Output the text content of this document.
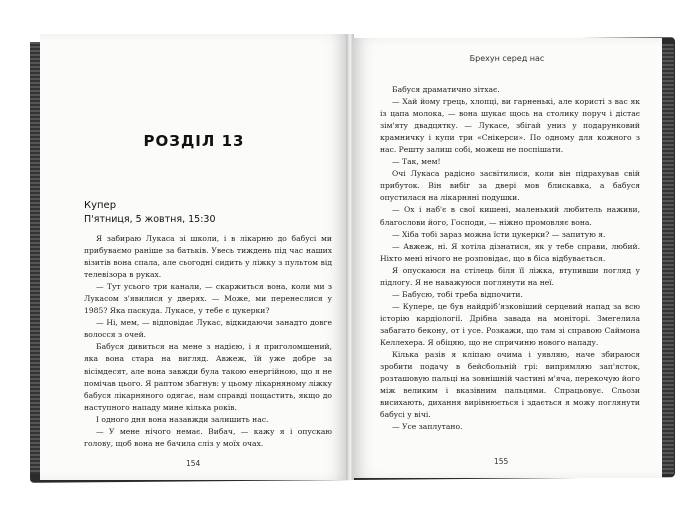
РОЗДІЛ 13
Купер
П'ятниця, 5 жовтня, 15:30

Я забираю Лукаса зі школи, і в лікарню до бабусі ми прибуваємо раніше за батьків. Увесь тиждень під час наших візитів вона спала, але сьогодні сидить у ліжку з пультом від телевізора в руках.

— Тут усього три канали, — скаржиться вона, коли ми з Лукасом з'явилися у дверях. — Може, ми перенеслися у 1985? Яка паскуда. Лукасе, у тебе є цукерки?

— Ні, мем, — відповідає Лукас, відкидаючи занадто довге волосся з очей.

Бабуся дивиться на мене з надією, і я приголомшений, яка вона стара на вигляд. Авжеж, їй уже добре за вісімдесят, але вона завжди була такою енергійною, що я не помічав цього. Я раптом збагнув: у цьому лікарняному ліжку бабуся лікарняного одягає, нам справді пощастить, якщо до наступного нападу мине кілька років.

І одного дня вона назавжди залишить нас.

— У мене нічого немає. Вибач, — кажу я і опускаю голову, щоб вона не бачила сліз у моїх очах.

154
Брехун серед нас

Бабуся драматично зітхає.

— Хай йому грець, хлопці, ви гарненькі, але користі з вас як із цапа молока, — вона шукає щось на столику поруч і дістає зім'яту двадцятку. — Лукасе, збігай униз у подарунковий крамничку і купи три «Снікерси». По одному для кожного з нас. Решту залиш собі, можеш не поспішати.

— Так, мем!

Очі Лукаса радісно засвітилися, коли він підрахував свій прибуток. Він вибіг за двері мов блискавка, а бабуся опустилася на лікарняні подушки.

— Ох і наб'є в свої кишені, маленький любитель наживи, благослови його, Господи, — ніжно промовляє вона.

— Хіба тобі зараз можна їсти цукерки? — запитую я.

— Авжеж, ні. Я хотіла дізнатися, як у тебе справи, любий. Ніхто мені нічого не розповідає, що в біса відбувається.

Я опускаюся на стілець біля її ліжка, втупивши погляд у підлогу. Я не наважуюся поглянути на неї.

— Бабусю, тобі треба відпочити.

— Купере, це був найдрібʼязковіший серцевий напад за всю історію кардіології. Дрібна завада на моніторі. Змегелила забагато бекону, от і усе. Розкажи, що там зі справою Саймона Келлехера. Я обіцяю, що не спричиню нового нападу.

Кілька разів я кліпаю очима і уявляю, наче збираюся зробити подачу в бейсбольній грі: випрямляю зап'ясток, розташовую пальці на зовнішній частині м'яча, перекочую його між великим і вказівним пальцями. Спрацьовує. Сльози висихають, дихання вирівнюється і здається я можу поглянути бабусі у вічі.

— Усе заплутано.

155
